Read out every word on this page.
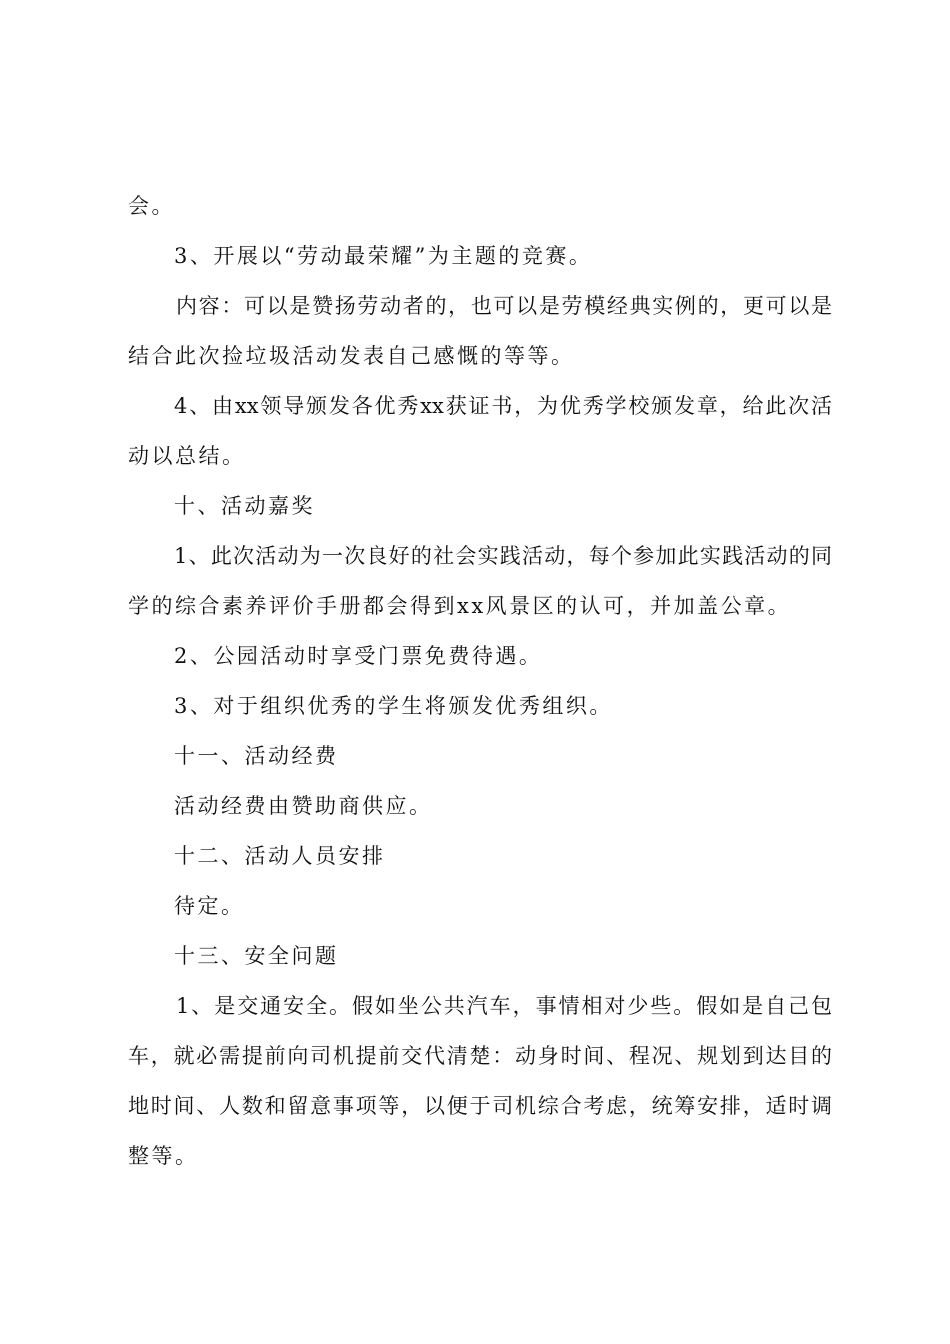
会。
3、开展以“劳动最荣耀”为主题的竞赛。
内容：可以是赞扬劳动者的，也可以是劳模经典实例的，更可以是
结合此次捡垃圾活动发表自己感慨的等等。
4、由xx领导颁发各优秀xx获证书，为优秀学校颁发章，给此次活
动以总结。
十、活动嘉奖
1、此次活动为一次良好的社会实践活动，每个参加此实践活动的同
学的综合素养评价手册都会得到xx风景区的认可，并加盖公章。
2、公园活动时享受门票免费待遇。
3、对于组织优秀的学生将颁发优秀组织。
十一、活动经费
活动经费由赞助商供应。
十二、活动人员安排
待定。
十三、安全问题
1、是交通安全。假如坐公共汽车，事情相对少些。假如是自己包
车，就必需提前向司机提前交代清楚：动身时间、程况、规划到达目的
地时间、人数和留意事项等，以便于司机综合考虑，统筹安排，适时调
整等。
